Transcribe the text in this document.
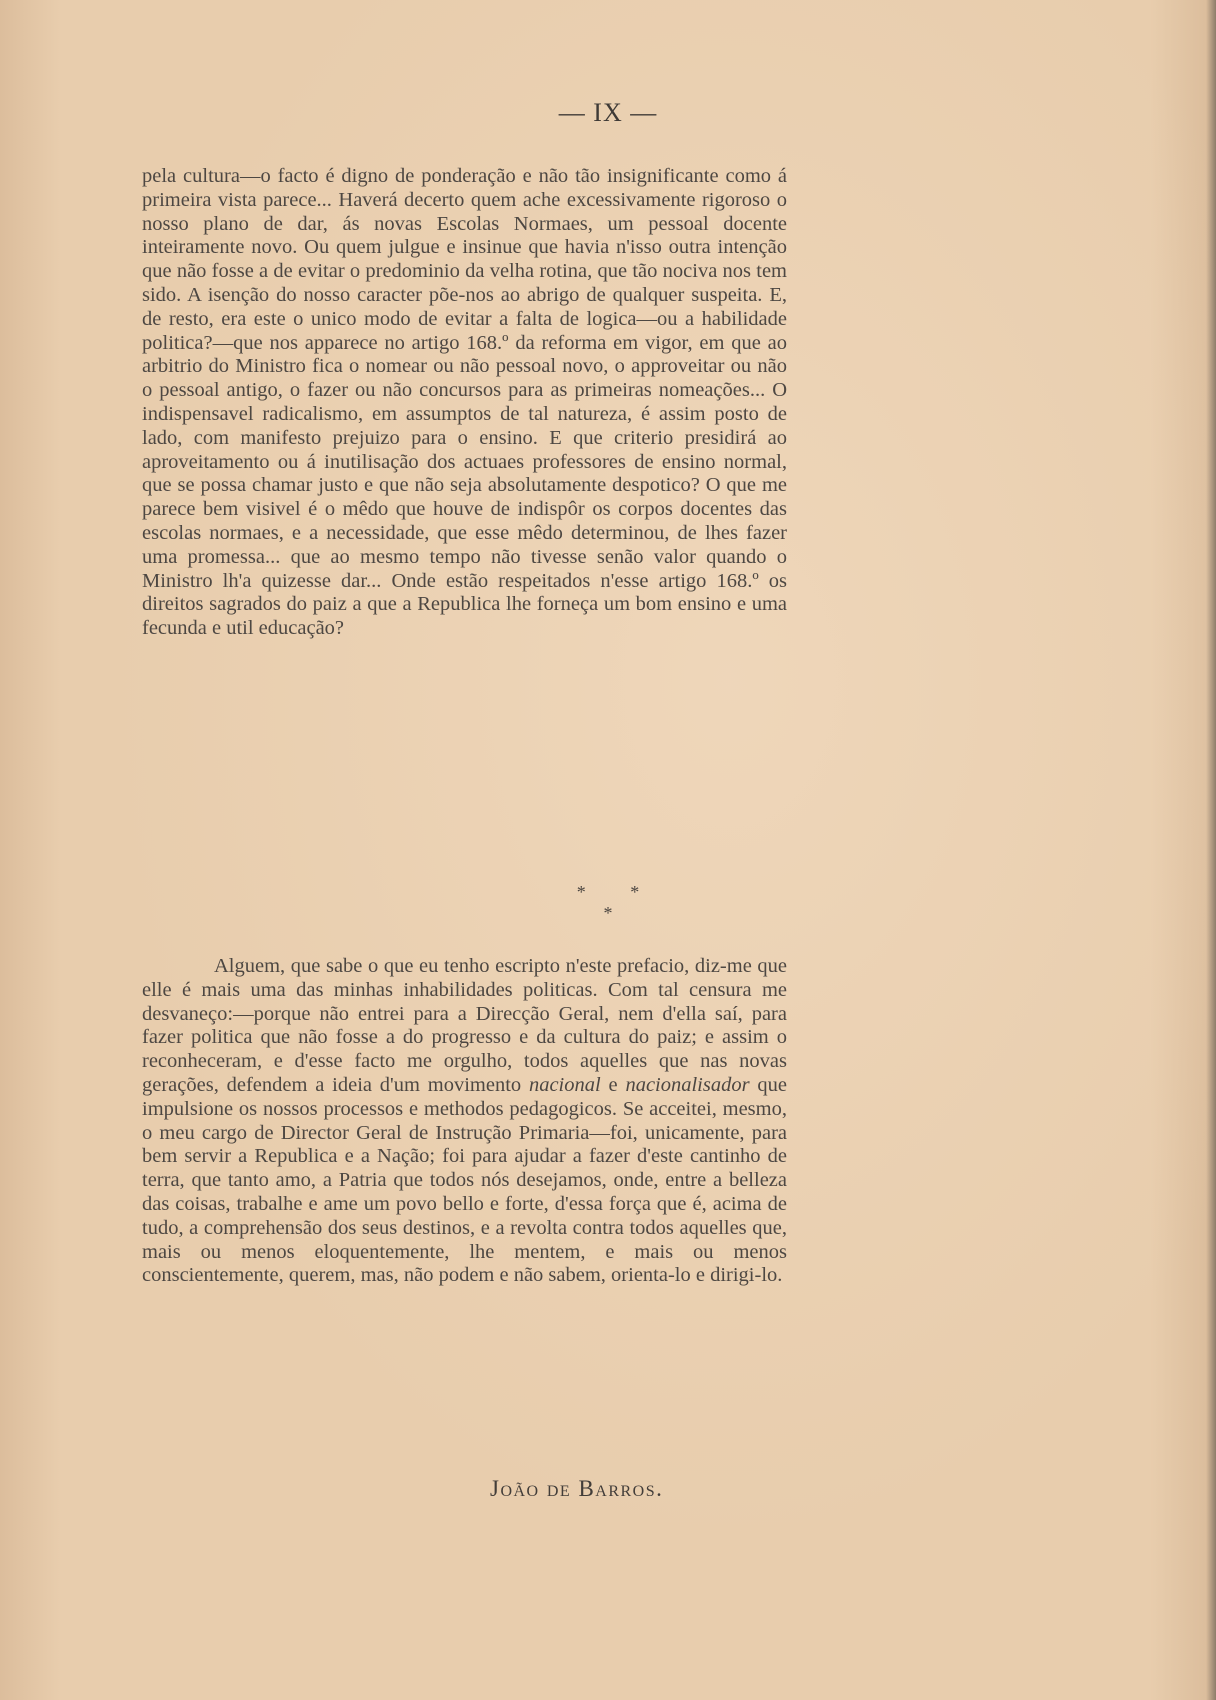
— IX —

pela cultura—o facto é digno de ponderação e não tão insignificante como á primeira vista parece... Haverá decerto quem ache excessivamente rigoroso o nosso plano de dar, ás novas Escolas Normaes, um pessoal docente inteiramente novo. Ou quem julgue e insinue que havia n'isso outra intenção que não fosse a de evitar o predominio da velha rotina, que tão nociva nos tem sido. A isenção do nosso caracter põe-nos ao abrigo de qualquer suspeita. E, de resto, era este o unico modo de evitar a falta de logica—ou a habilidade politica?—que nos apparece no artigo 168.º da reforma em vigor, em que ao arbitrio do Ministro fica o nomear ou não pessoal novo, o approveitar ou não o pessoal antigo, o fazer ou não concursos para as primeiras nomeações... O indispensavel radicalismo, em assumptos de tal natureza, é assim posto de lado, com manifesto prejuizo para o ensino. E que criterio presidirá ao aproveitamento ou á inutilisação dos actuaes professores de ensino normal, que se possa chamar justo e que não seja absolutamente despotico? O que me parece bem visivel é o mêdo que houve de indispôr os corpos docentes das escolas normaes, e a necessidade, que esse mêdo determinou, de lhes fazer uma promessa... que ao mesmo tempo não tivesse senão valor quando o Ministro lh'a quizesse dar... Onde estão respeitados n'esse artigo 168.º os direitos sagrados do paiz a que a Republica lhe forneça um bom ensino e uma fecunda e util educação?

* *
*

Alguem, que sabe o que eu tenho escripto n'este prefacio, diz-me que elle é mais uma das minhas inhabilidades politicas. Com tal censura me desvaneço:—porque não entrei para a Direcção Geral, nem d'ella saí, para fazer politica que não fosse a do progresso e da cultura do paiz; e assim o reconheceram, e d'esse facto me orgulho, todos aquelles que nas novas gerações, defendem a ideia d'um movimento nacional e nacionalisador que impulsione os nossos processos e methodos pedagogicos. Se acceitei, mesmo, o meu cargo de Director Geral de Instrução Primaria—foi, unicamente, para bem servir a Republica e a Nação; foi para ajudar a fazer d'este cantinho de terra, que tanto amo, a Patria que todos nós desejamos, onde, entre a belleza das coisas, trabalhe e ame um povo bello e forte, d'essa força que é, acima de tudo, a comprehensão dos seus destinos, e a revolta contra todos aquelles que, mais ou menos eloquentemente, lhe mentem, e mais ou menos conscientemente, querem, mas, não podem e não sabem, orienta-lo e dirigi-lo.

João de Barros.
